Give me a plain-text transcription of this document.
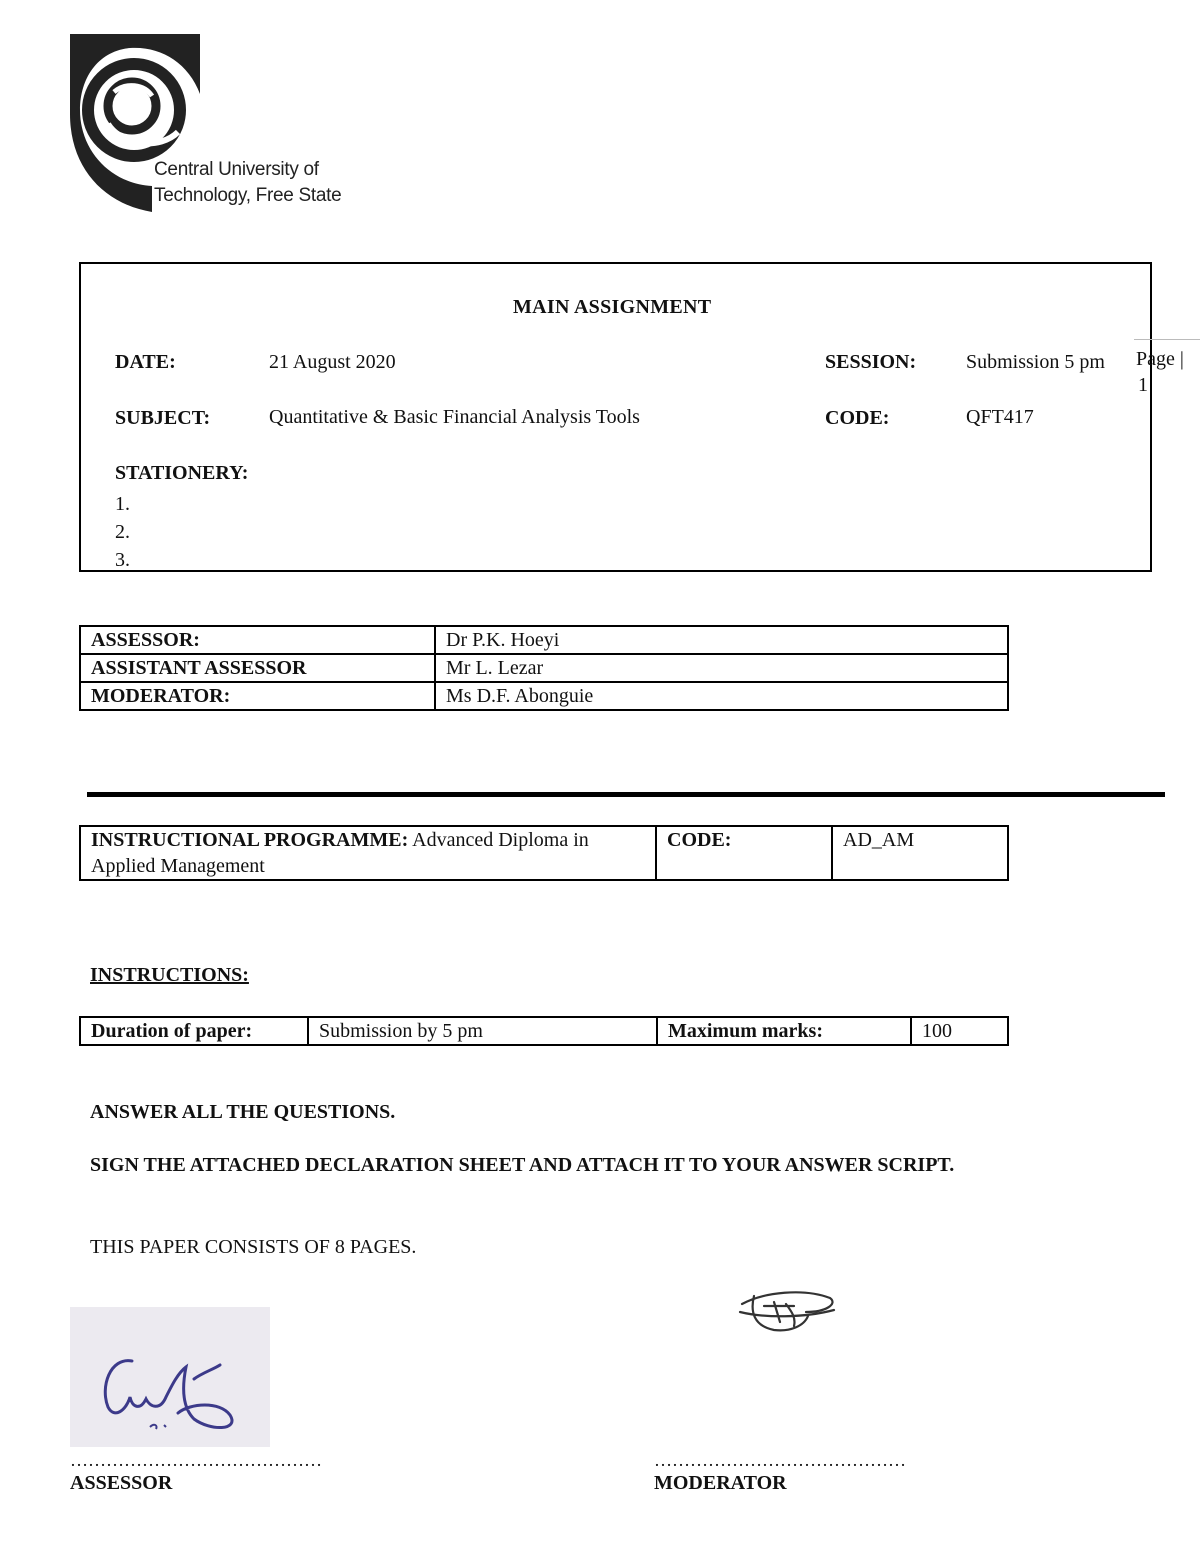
Central University of
Technology, Free State
MAIN ASSIGNMENT
DATE:	21 August 2020	SESSION: Submission 5 pm
SUBJECT:	Quantitative & Basic Financial Analysis Tools	CODE:	QFT417
STATIONERY:
1.
2.
3.
Page |
1
ASSESSOR:	Dr P.K. Hoeyi
ASSISTANT ASSESSOR	Mr L. Lezar
MODERATOR:	Ms D.F. Abonguie
INSTRUCTIONAL PROGRAMME: Advanced Diploma in Applied Management	CODE:	AD_AM
INSTRUCTIONS:
Duration of paper:	Submission by 5 pm	Maximum marks:	100
ANSWER ALL THE QUESTIONS.
SIGN THE ATTACHED DECLARATION SHEET AND ATTACH IT TO YOUR ANSWER SCRIPT.
THIS PAPER CONSISTS OF 8 PAGES.
……………………………………
ASSESSOR
……………………………………
MODERATOR
